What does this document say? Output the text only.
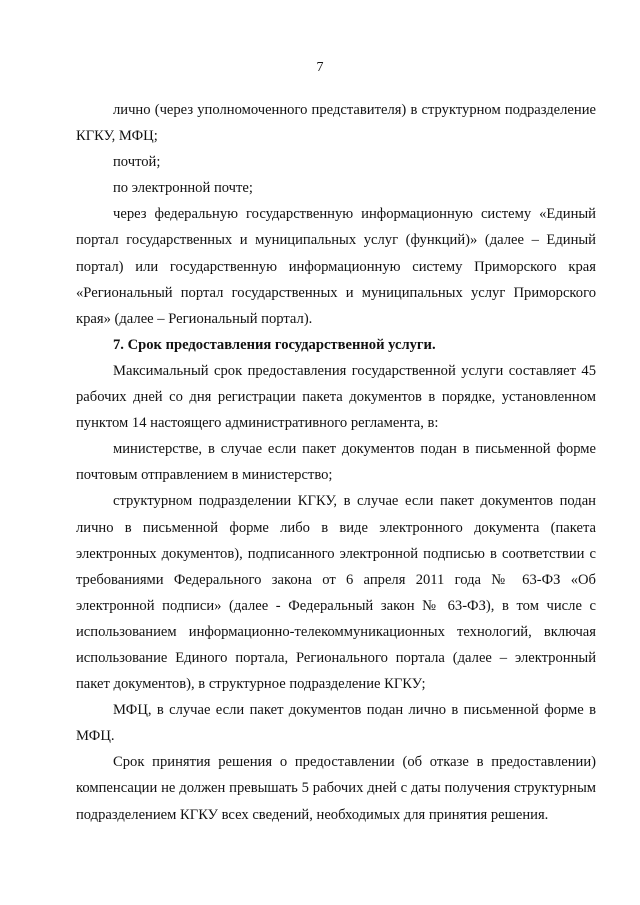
7

лично (через уполномоченного представителя) в структурном подразделение КГКУ, МФЦ;

почтой;

по электронной почте;

через федеральную государственную информационную систему «Единый портал государственных и муниципальных услуг (функций)» (далее – Единый портал) или государственную информационную систему Приморского края «Региональный портал государственных и муниципальных услуг Приморского края» (далее – Региональный портал).

7. Срок предоставления государственной услуги.

Максимальный срок предоставления государственной услуги составляет 45 рабочих дней со дня регистрации пакета документов в порядке, установленном пунктом 14 настоящего административного регламента, в:

министерстве, в случае если пакет документов подан в письменной форме почтовым отправлением в министерство;

структурном подразделении КГКУ, в случае если пакет документов подан лично в письменной форме либо в виде электронного документа (пакета электронных документов), подписанного электронной подписью в соответствии с требованиями Федерального закона от 6 апреля 2011 года № 63-ФЗ «Об электронной подписи» (далее - Федеральный закон № 63-ФЗ), в том числе с использованием информационно-телекоммуникационных технологий, включая использование Единого портала, Регионального портала (далее – электронный пакет документов), в структурное подразделение КГКУ;

МФЦ, в случае если пакет документов подан лично в письменной форме в МФЦ.

Срок принятия решения о предоставлении (об отказе в предоставлении) компенсации не должен превышать 5 рабочих дней с даты получения структурным подразделением КГКУ всех сведений, необходимых для принятия решения.
